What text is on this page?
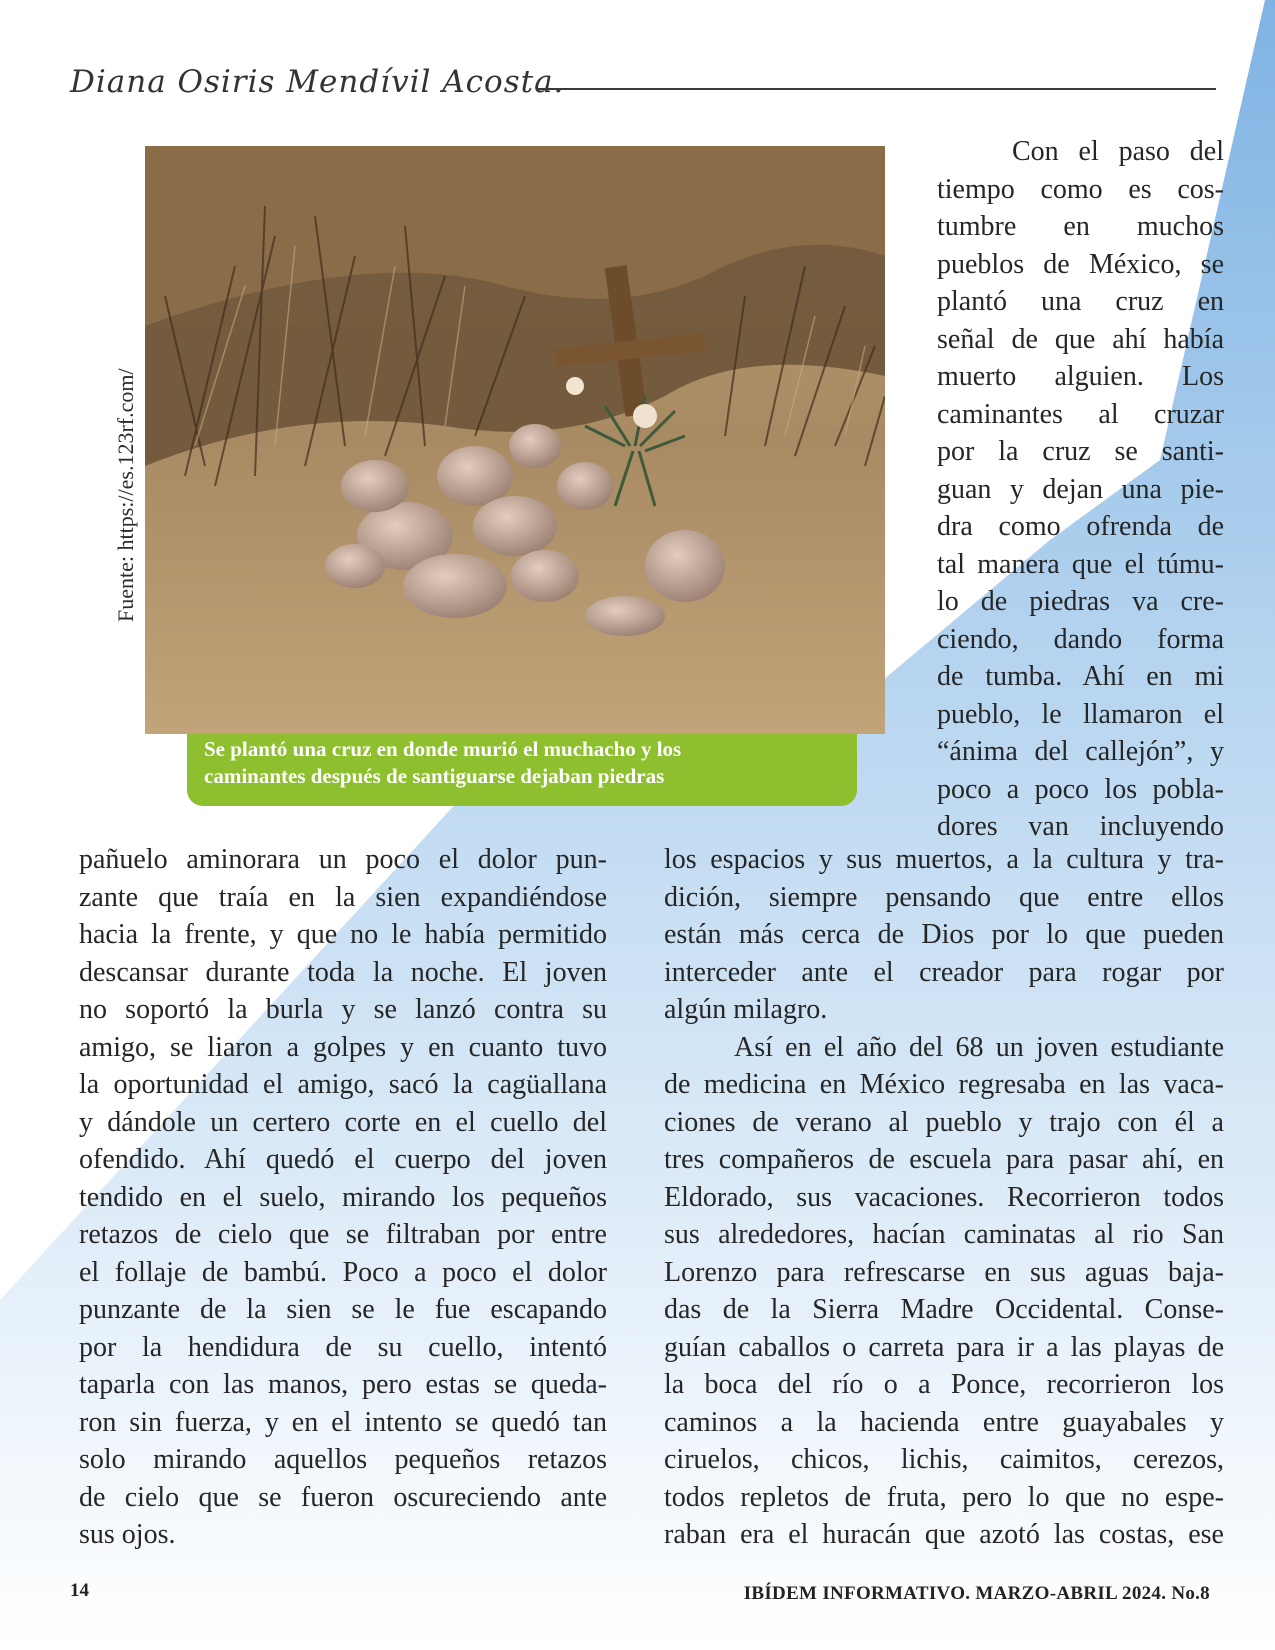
Diana Osiris Mendívil Acosta.
Se plantó una cruz en donde murió el muchacho y los
caminantes después de santiguarse dejaban piedras
Fuente: https://es.123rf.com/
Con el paso del
tiempo como es cos-
tumbre en muchos
pueblos de México, se
plantó una cruz en
señal de que ahí había
muerto alguien. Los
caminantes al cruzar
por la cruz se santi-
guan y dejan una pie-
dra como ofrenda de
tal manera que el túmu-
lo de piedras va cre-
ciendo, dando forma
de tumba. Ahí en mi
pueblo, le llamaron el
“ánima del callejón”, y
poco a poco los pobla-
dores van incluyendo
pañuelo aminorara un poco el dolor pun-
zante que traía en la sien expandiéndose
hacia la frente, y que no le había permitido
descansar durante toda la noche. El joven
no soportó la burla y se lanzó contra su
amigo, se liaron a golpes y en cuanto tuvo
la oportunidad el amigo, sacó la cagüallana
y dándole un certero corte en el cuello del
ofendido. Ahí quedó el cuerpo del joven
tendido en el suelo, mirando los pequeños
retazos de cielo que se filtraban por entre
el follaje de bambú. Poco a poco el dolor
punzante de la sien se le fue escapando
por la hendidura de su cuello, intentó
taparla con las manos, pero estas se queda-
ron sin fuerza, y en el intento se quedó tan
solo mirando aquellos pequeños retazos
de cielo que se fueron oscureciendo ante
sus ojos.
los espacios y sus muertos, a la cultura y tra-
dición, siempre pensando que entre ellos
están más cerca de Dios por lo que pueden
interceder ante el creador para rogar por
algún milagro.
Así en el año del 68 un joven estudiante
de medicina en México regresaba en las vaca-
ciones de verano al pueblo y trajo con él a
tres compañeros de escuela para pasar ahí, en
Eldorado, sus vacaciones. Recorrieron todos
sus alrededores, hacían caminatas al rio San
Lorenzo para refrescarse en sus aguas baja-
das de la Sierra Madre Occidental. Conse-
guían caballos o carreta para ir a las playas de
la boca del río o a Ponce, recorrieron los
caminos a la hacienda entre guayabales y
ciruelos, chicos, lichis, caimitos, cerezos,
todos repletos de fruta, pero lo que no espe-
raban era el huracán que azotó las costas, ese
14	IBÍDEM INFORMATIVO. MARZO-ABRIL 2024. No.8
